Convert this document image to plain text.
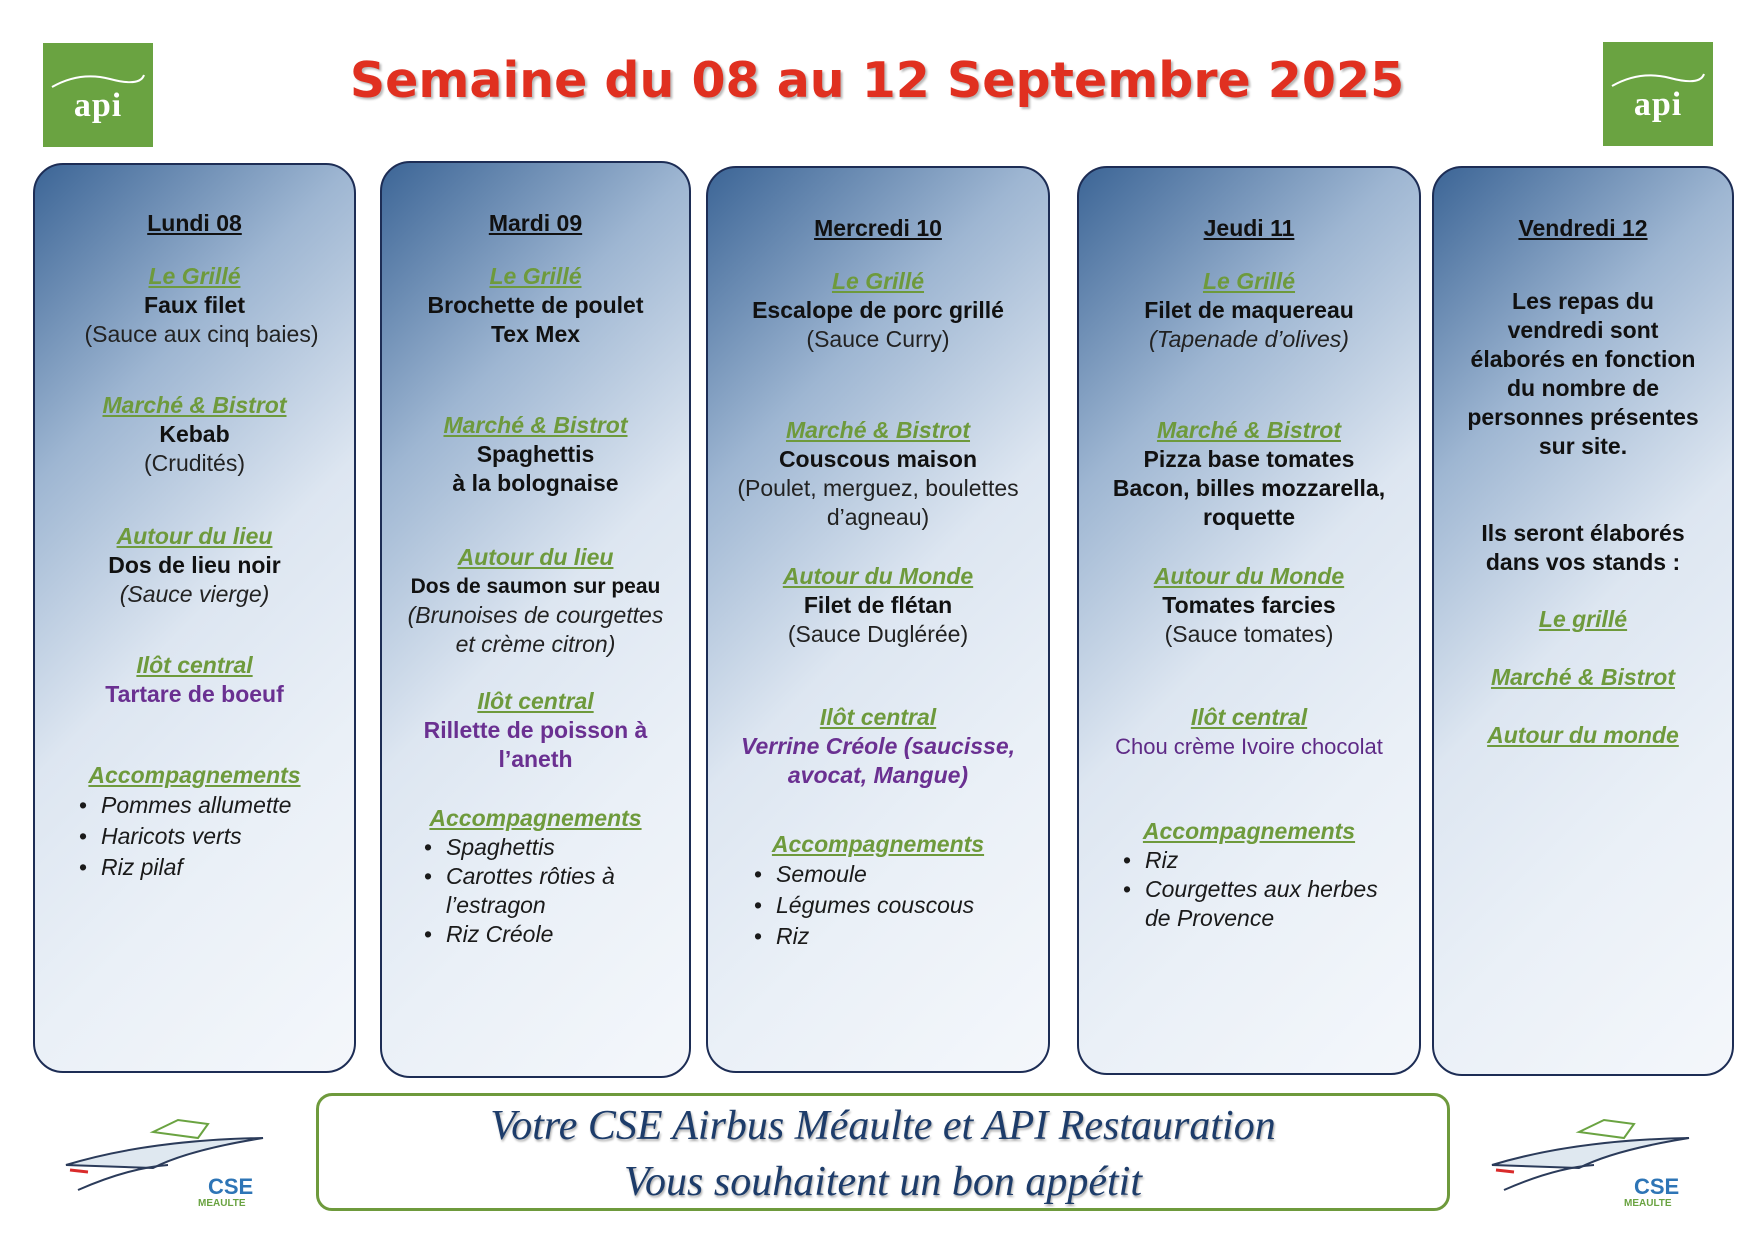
api	api
Semaine du 08 au 12 Septembre 2025
Lundi 08
Le Grillé
Faux filet
(Sauce aux cinq baies)
Marché & Bistrot
Kebab
(Crudités)
Autour du lieu
Dos de lieu noir
(Sauce vierge)
Ilôt central
Tartare de boeuf
Accompagnements
• Pommes allumette
• Haricots verts
• Riz pilaf
Mardi 09
Le Grillé
Brochette de poulet
Tex Mex
Marché & Bistrot
Spaghettis
à la bolognaise
Autour du lieu
Dos de saumon sur peau
(Brunoises de courgettes
et crème citron)
Ilôt central
Rillette de poisson à
l’aneth
Accompagnements
• Spaghettis
• Carottes rôties à l’estragon
• Riz Créole
Mercredi 10
Le Grillé
Escalope de porc grillé
(Sauce Curry)
Marché & Bistrot
Couscous maison
(Poulet, merguez, boulettes
d’agneau)
Autour du Monde
Filet de flétan
(Sauce Duglérée)
Ilôt central
Verrine Créole (saucisse,
avocat, Mangue)
Accompagnements
• Semoule
• Légumes couscous
• Riz
Jeudi 11
Le Grillé
Filet de maquereau
(Tapenade d’olives)
Marché & Bistrot
Pizza base tomates
Bacon, billes mozzarella,
roquette
Autour du Monde
Tomates farcies
(Sauce tomates)
Ilôt central
Chou crème Ivoire chocolat
Accompagnements
• Riz
• Courgettes aux herbes de Provence
Vendredi 12
Les repas du
vendredi sont
élaborés en fonction
du nombre de
personnes présentes
sur site.
Ils seront élaborés
dans vos stands :
Le grillé
Marché & Bistrot
Autour du monde
CSE
MEAULTE
Votre CSE Airbus Méaulte et API Restauration
Vous souhaitent un bon appétit	CSE
MEAULTE
